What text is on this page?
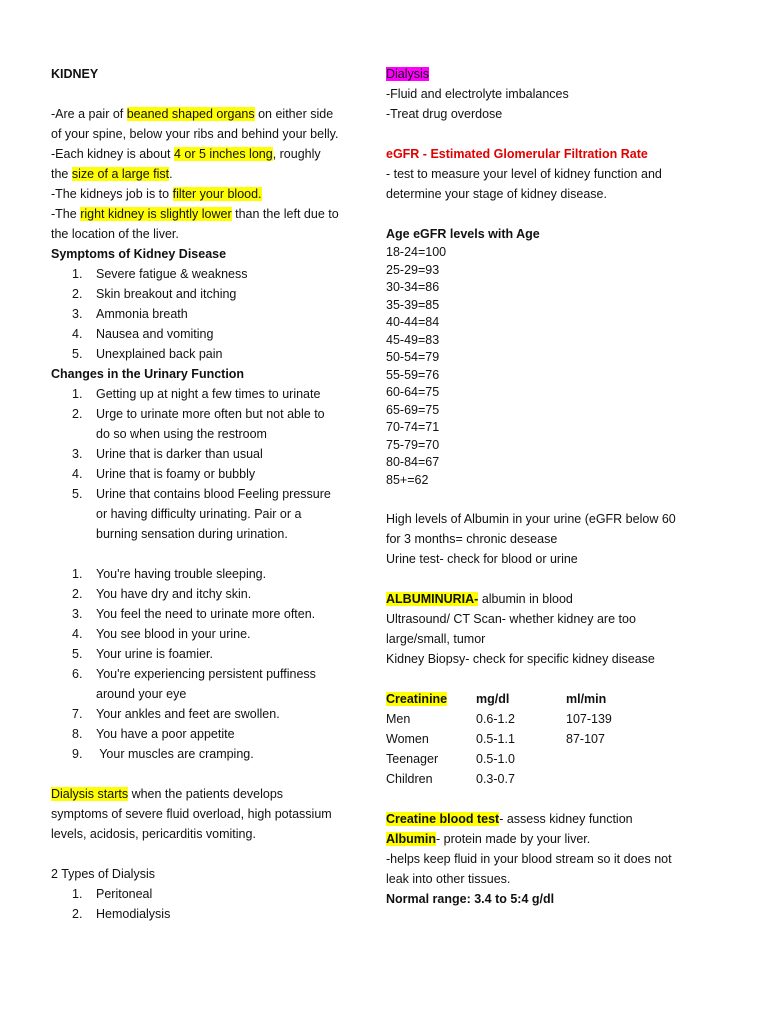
KIDNEY
-Are a pair of beaned shaped organs on either side of your spine, below your ribs and behind your belly.
-Each kidney is about 4 or 5 inches long, roughly the size of a large fist.
-The kidneys job is to filter your blood.
-The right kidney is slightly lower than the left due to the location of the liver.
Symptoms of Kidney Disease
1. Severe fatigue & weakness
2. Skin breakout and itching
3. Ammonia breath
4. Nausea and vomiting
5. Unexplained back pain
Changes in the Urinary Function
1. Getting up at night a few times to urinate
2. Urge to urinate more often but not able to do so when using the restroom
3. Urine that is darker than usual
4. Urine that is foamy or bubbly
5. Urine that contains blood Feeling pressure or having difficulty urinating. Pair or a burning sensation during urination.
1. You're having trouble sleeping.
2. You have dry and itchy skin.
3. You feel the need to urinate more often.
4. You see blood in your urine.
5. Your urine is foamier.
6. You're experiencing persistent puffiness around your eye
7. Your ankles and feet are swollen.
8. You have a poor appetite
9. Your muscles are cramping.
Dialysis starts when the patients develops symptoms of severe fluid overload, high potassium levels, acidosis, pericarditis vomiting.
2 Types of Dialysis
1. Peritoneal
2. Hemodialysis
Dialysis
-Fluid and electrolyte imbalances
-Treat drug overdose
eGFR - Estimated Glomerular Filtration Rate
- test to measure your level of kidney function and determine your stage of kidney disease.
Age eGFR levels with Age
18-24=100
25-29=93
30-34=86
35-39=85
40-44=84
45-49=83
50-54=79
55-59=76
60-64=75
65-69=75
70-74=71
75-79=70
80-84=67
85+=62
High levels of Albumin in your urine (eGFR below 60 for 3 months= chronic desease
Urine test- check for blood or urine
ALBUMINURIA- albumin in blood
Ultrasound/ CT Scan- whether kidney are too large/small, tumor
Kidney Biopsy- check for specific kidney disease
Creatinine	mg/dl	ml/min
Men	0.6-1.2	107-139
Women	0.5-1.1	87-107
Teenager	0.5-1.0	
Children	0.3-0.7	
Creatine blood test- assess kidney function
Albumin- protein made by your liver.
-helps keep fluid in your blood stream so it does not leak into other tissues.
Normal range: 3.4 to 5:4 g/dl
